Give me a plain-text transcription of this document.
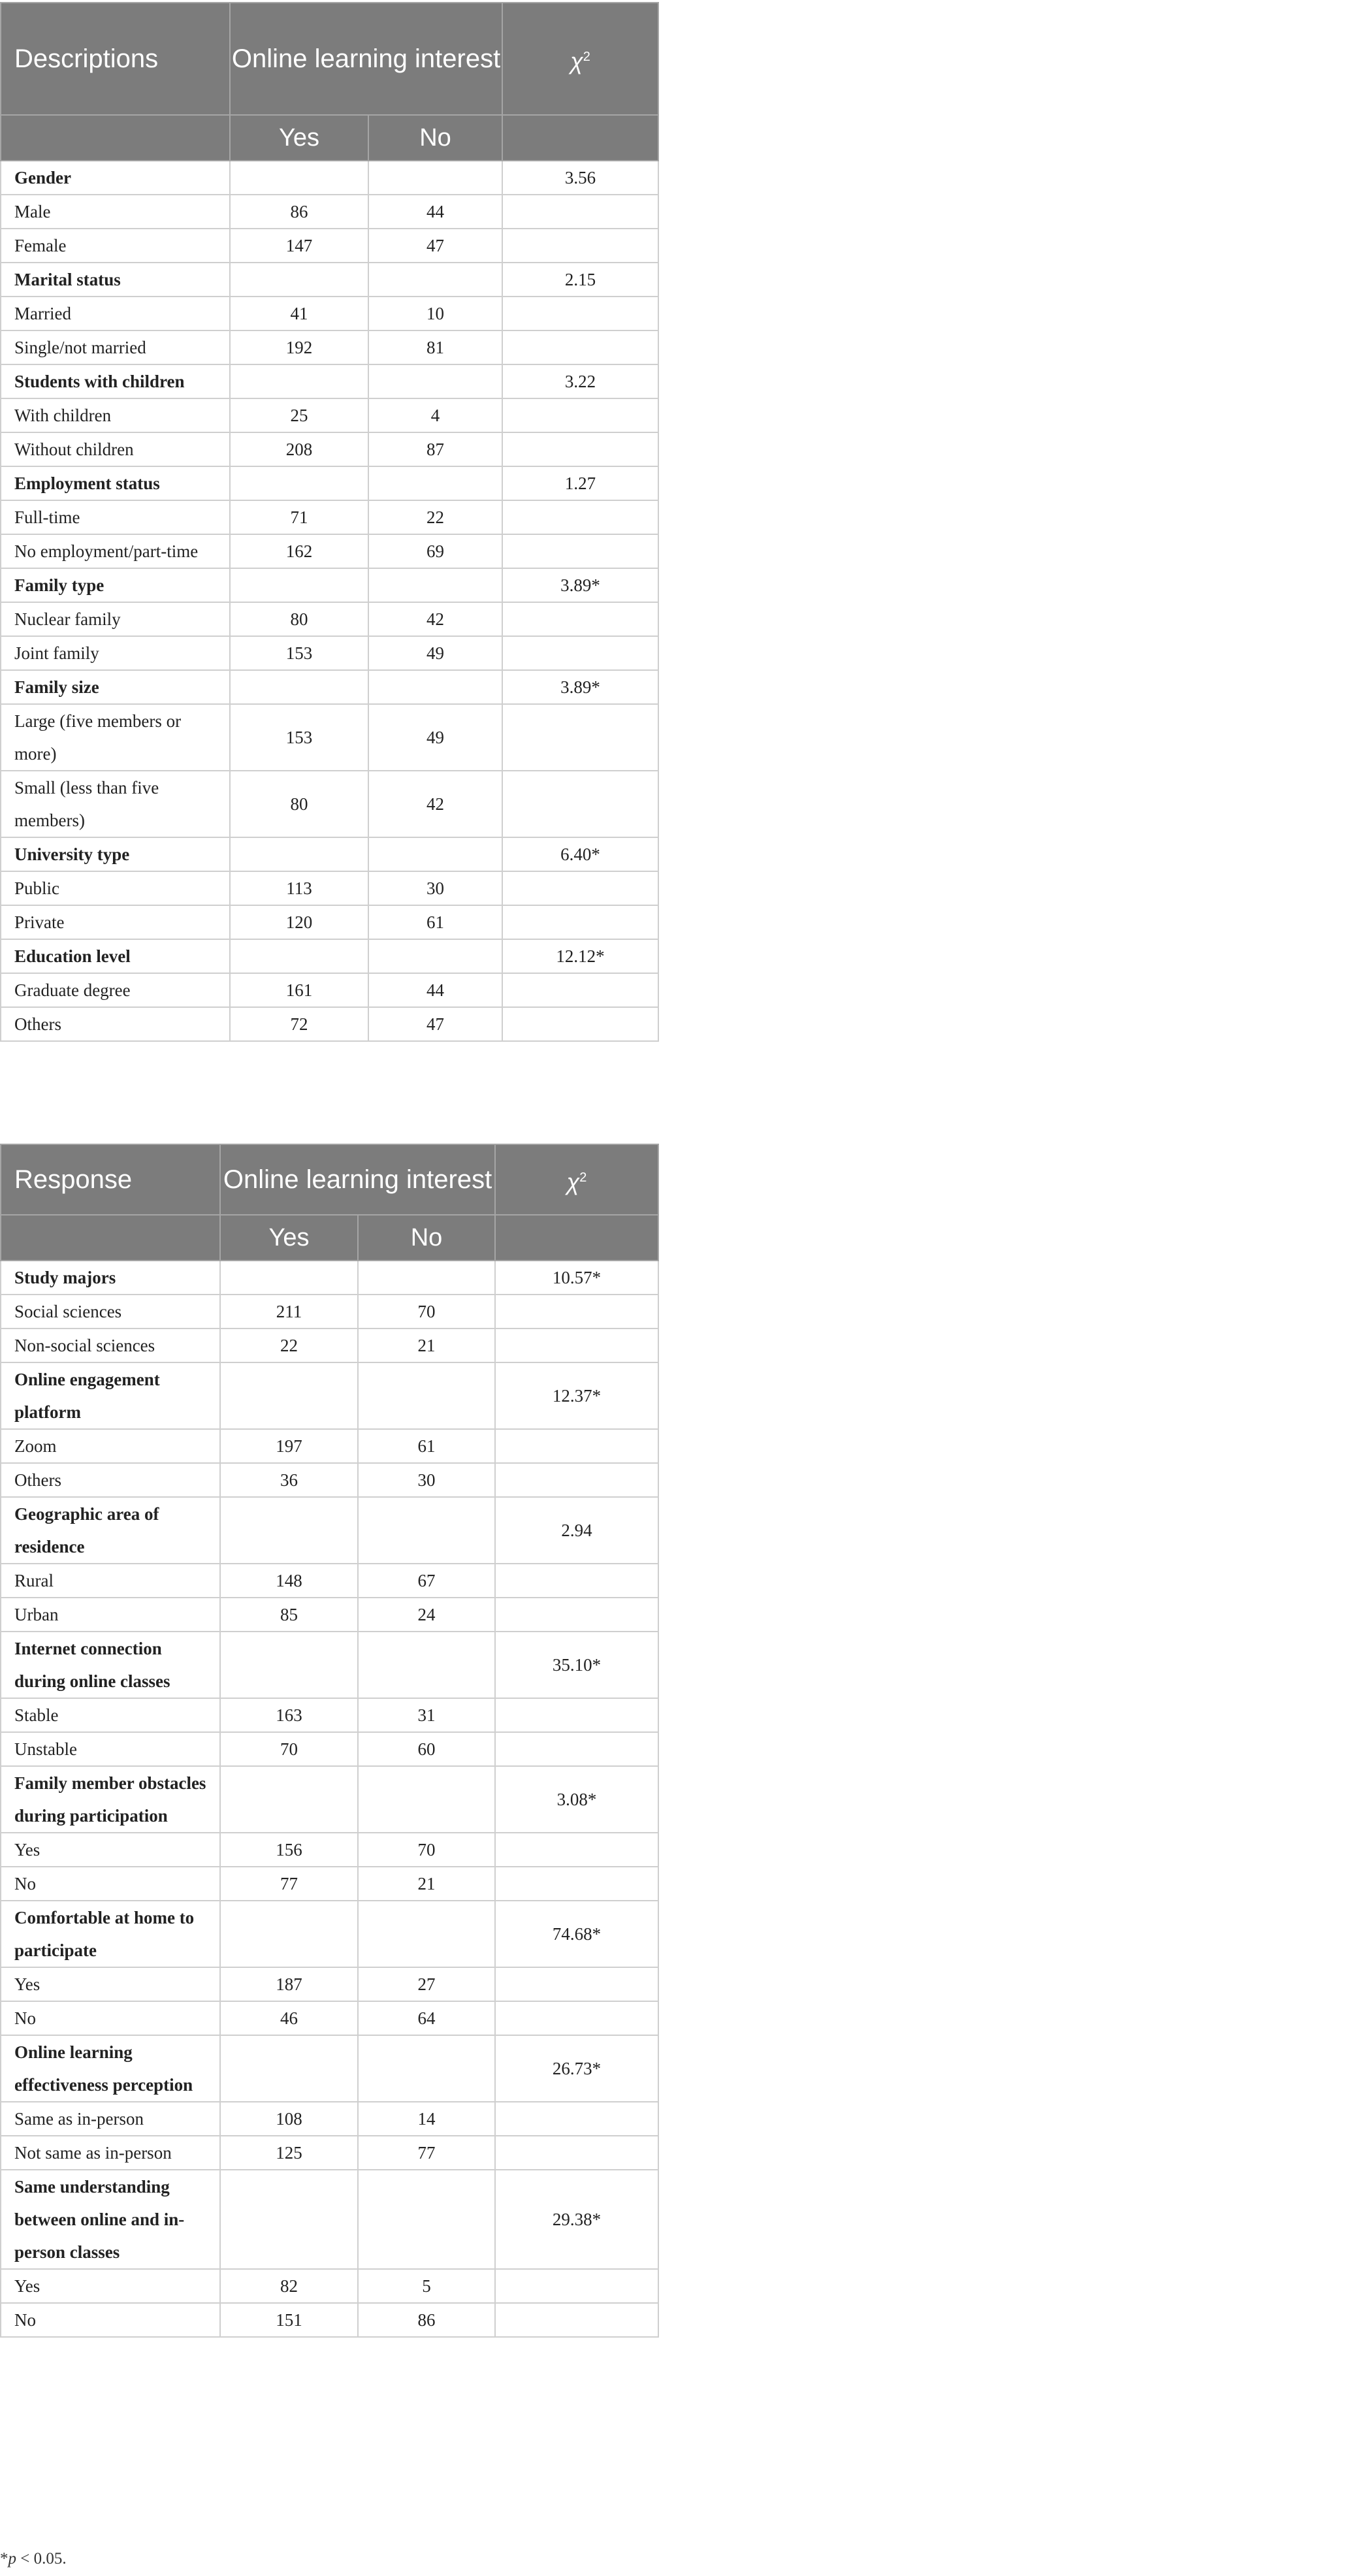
Descriptions	Online learning interest		$\chi^2$
	Yes	No	
Gender			3.56
Male	86	44	
Female	147	47	
Marital status			2.15
Married	41	10	
Single/not married	192	81	
Students with children			3.22
With children	25	4	
Without children	208	87	
Employment status			1.27
Full-time	71	22	
No employment/part-time	162	69	
Family type			3.89*
Nuclear family	80	42	
Joint family	153	49	
Family size			3.89*
Large (five members or more)	153	49	
Small (less than five members)	80	42	
University type			6.40*
Public	113	30	
Private	120	61	
Education level			12.12*
Graduate degree	161	44	
Others	72	47	
Response	Online learning interest		$\chi^2$
	Yes	No	
Study majors			10.57*
Social sciences	211	70	
Non-social sciences	22	21	
Online engagement platform			12.37*
Zoom	197	61	
Others	36	30	
Geographic area of residence			2.94
Rural	148	67	
Urban	85	24	
Internet connection during online classes			35.10*
Stable	163	31	
Unstable	70	60	
Family member obstacles during participation			3.08*
Yes	156	70	
No	77	21	
Comfortable at home to participate			74.68*
Yes	187	27	
No	46	64	
Online learning effectiveness perception			26.73*
Same as in-person	108	14	
Not same as in-person	125	77	
Same understanding between online and in-person classes			29.38*
Yes	82	5	
No	151	86	
*p < 0.05.
